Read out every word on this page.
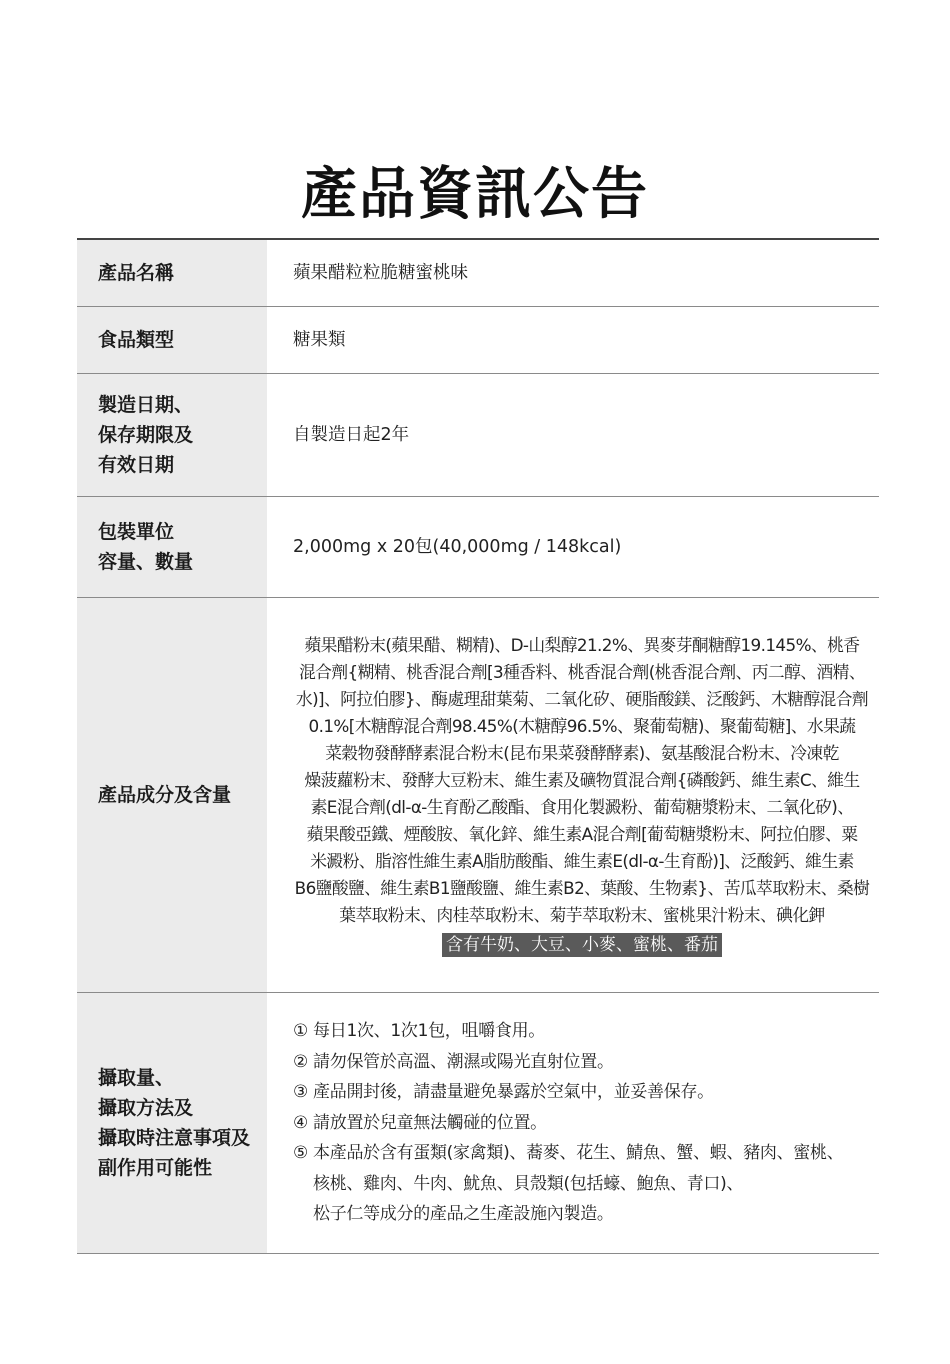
產品資訊公告
產品名稱	蘋果醋粒粒脆糖蜜桃味
食品類型	糖果類
製造日期、
保存期限及
有效日期
自製造日起2年
包裝單位
容量、數量
2,000mg x 20包(40,000mg / 148kcal)
產品成分及含量
蘋果醋粉末(蘋果醋、糊精)、D-山梨醇21.2%、異麥芽酮糖醇19.145%、桃香
混合劑{糊精、桃香混合劑[3種香料、桃香混合劑(桃香混合劑、丙二醇、酒精、
水)]、阿拉伯膠}、酶處理甜葉菊、二氧化矽、硬脂酸鎂、泛酸鈣、木糖醇混合劑
0.1%[木糖醇混合劑98.45%(木糖醇96.5%、聚葡萄糖)、聚葡萄糖]、水果蔬
菜穀物發酵酵素混合粉末(昆布果菜發酵酵素)、氨基酸混合粉末、冷凍乾
燥菠蘿粉末、發酵大豆粉末、維生素及礦物質混合劑{磷酸鈣、維生素C、維生
素E混合劑(dl-α-生育酚乙酸酯、食用化製澱粉、葡萄糖漿粉末、二氧化矽)、
蘋果酸亞鐵、煙酸胺、氧化鋅、維生素A混合劑[葡萄糖漿粉末、阿拉伯膠、粟
米澱粉、脂溶性維生素A脂肪酸酯、維生素E(dl-α-生育酚)]、泛酸鈣、維生素
B6鹽酸鹽、維生素B1鹽酸鹽、維生素B2、葉酸、生物素}、苦瓜萃取粉末、桑樹
葉萃取粉末、肉桂萃取粉末、菊芋萃取粉末、蜜桃果汁粉末、碘化鉀
含有牛奶、大豆、小麥、蜜桃、番茄
攝取量、
攝取方法及
攝取時注意事項及
副作用可能性
① 每日1次、1次1包，咀嚼食用。
② 請勿保管於高溫、潮濕或陽光直射位置。
③ 產品開封後，請盡量避免暴露於空氣中，並妥善保存。
④ 請放置於兒童無法觸碰的位置。
⑤ 本產品於含有蛋類(家禽類)、蕎麥、花生、鯖魚、蟹、蝦、豬肉、蜜桃、
核桃、雞肉、牛肉、魷魚、貝殼類(包括蠔、鮑魚、青口)、
松子仁等成分的產品之生產設施內製造。
